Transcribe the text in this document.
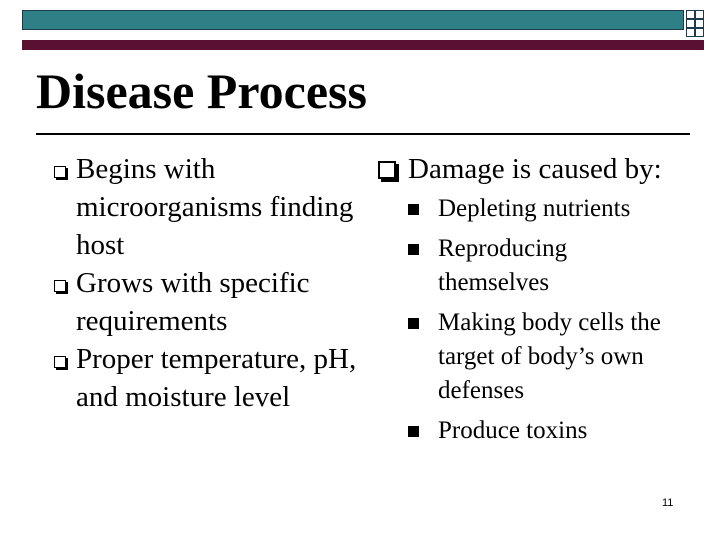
Disease Process
Begins with microorganisms finding host
Grows with specific requirements
Proper temperature, pH, and moisture level
Damage is caused by:
Depleting nutrients
Reproducing themselves
Making body cells the target of body’s own defenses
Produce toxins
11
